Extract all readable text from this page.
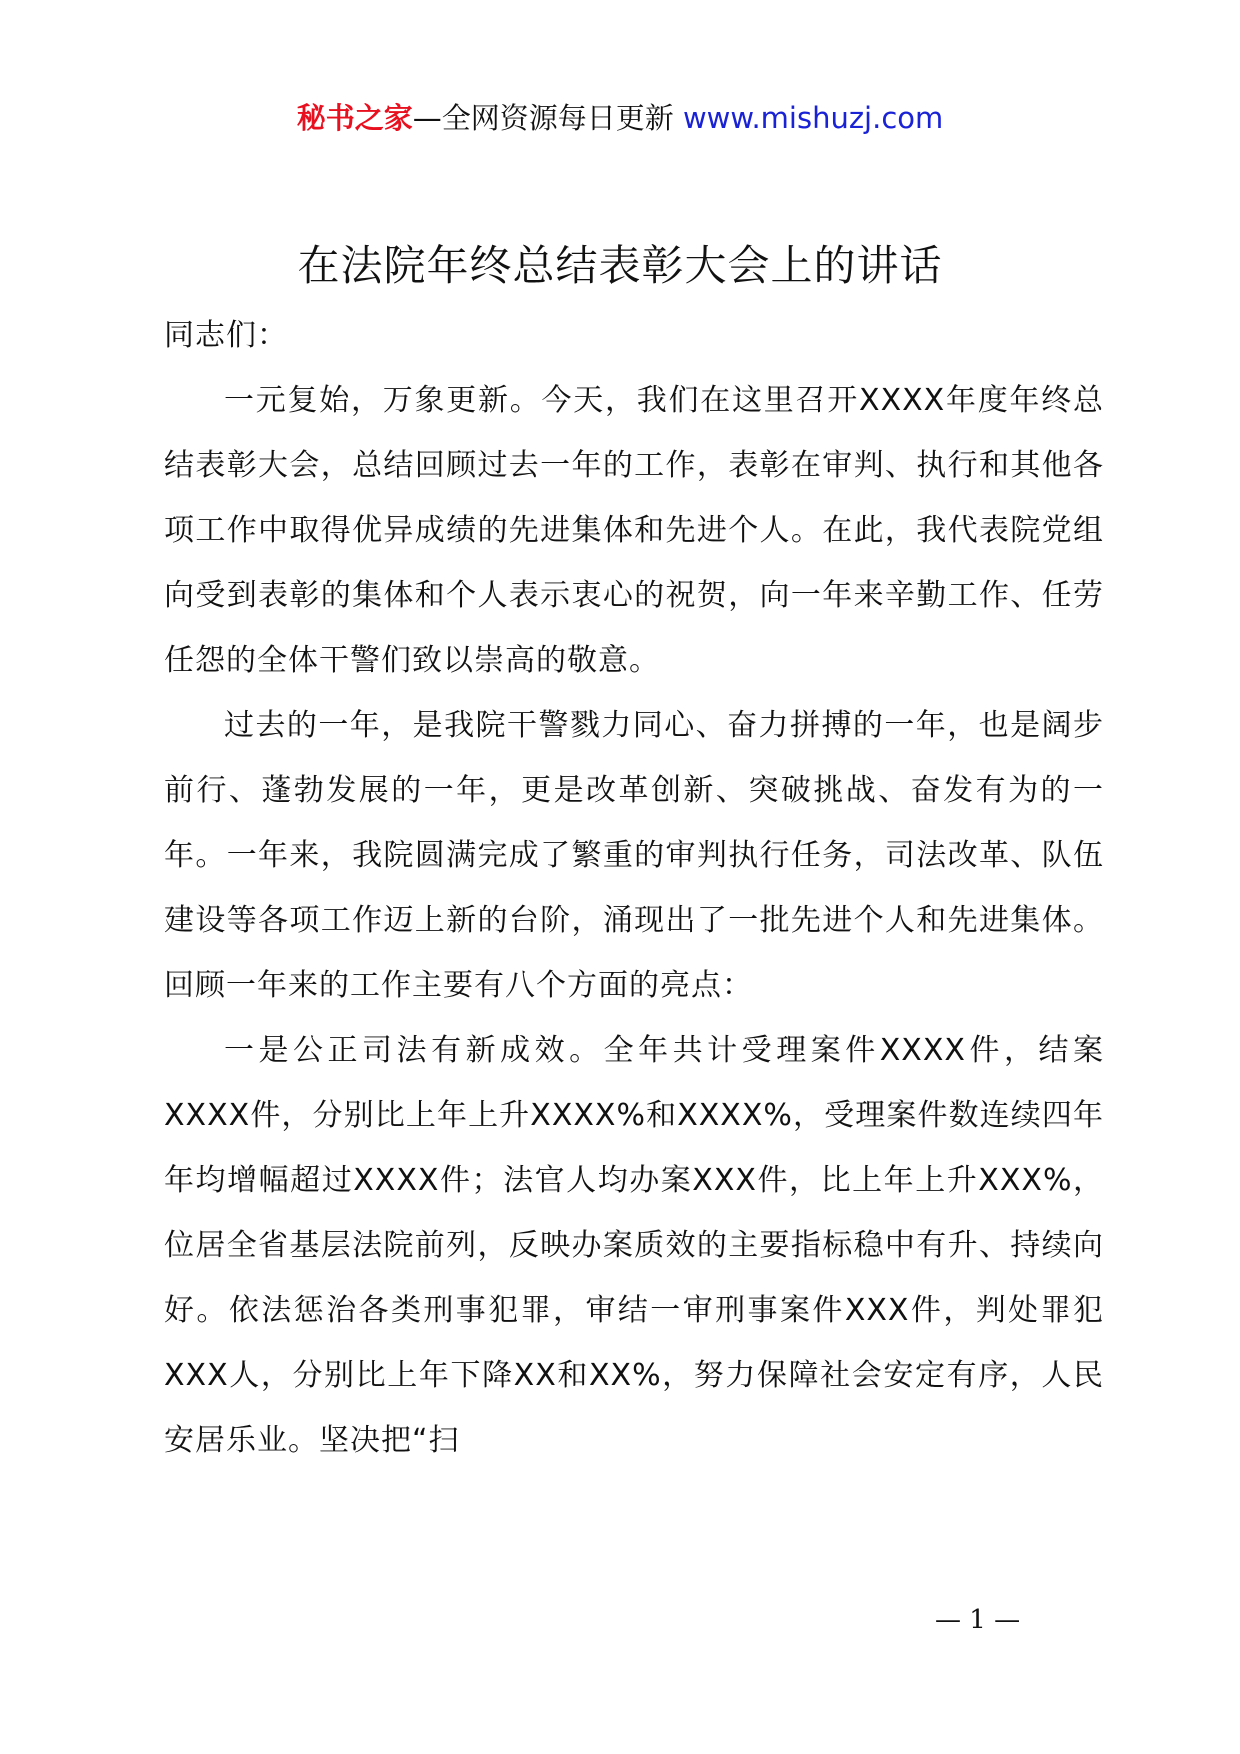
秘书之家—全网资源每日更新 www.mishuzj.com
在法院年终总结表彰大会上的讲话

同志们：

一元复始，万象更新。今天，我们在这里召开XXXX年度年终总结表彰大会，总结回顾过去一年的工作，表彰在审判、执行和其他各项工作中取得优异成绩的先进集体和先进个人。在此，我代表院党组向受到表彰的集体和个人表示衷心的祝贺，向一年来辛勤工作、任劳任怨的全体干警们致以崇高的敬意。

过去的一年，是我院干警戮力同心、奋力拼搏的一年，也是阔步前行、蓬勃发展的一年，更是改革创新、突破挑战、奋发有为的一年。一年来，我院圆满完成了繁重的审判执行任务，司法改革、队伍建设等各项工作迈上新的台阶，涌现出了一批先进个人和先进集体。回顾一年来的工作主要有八个方面的亮点：

一是公正司法有新成效。全年共计受理案件XXXX件，结案XXXX件，分别比上年上升XXXX%和XXXX%，受理案件数连续四年年均增幅超过XXXX件；法官人均办案XXX件，比上年上升XXX%，位居全省基层法院前列，反映办案质效的主要指标稳中有升、持续向好。依法惩治各类刑事犯罪，审结一审刑事案件XXX件，判处罪犯XXX人，分别比上年下降XX和XX%，努力保障社会安定有序，人民安居乐业。坚决把“扫

— 1 —
